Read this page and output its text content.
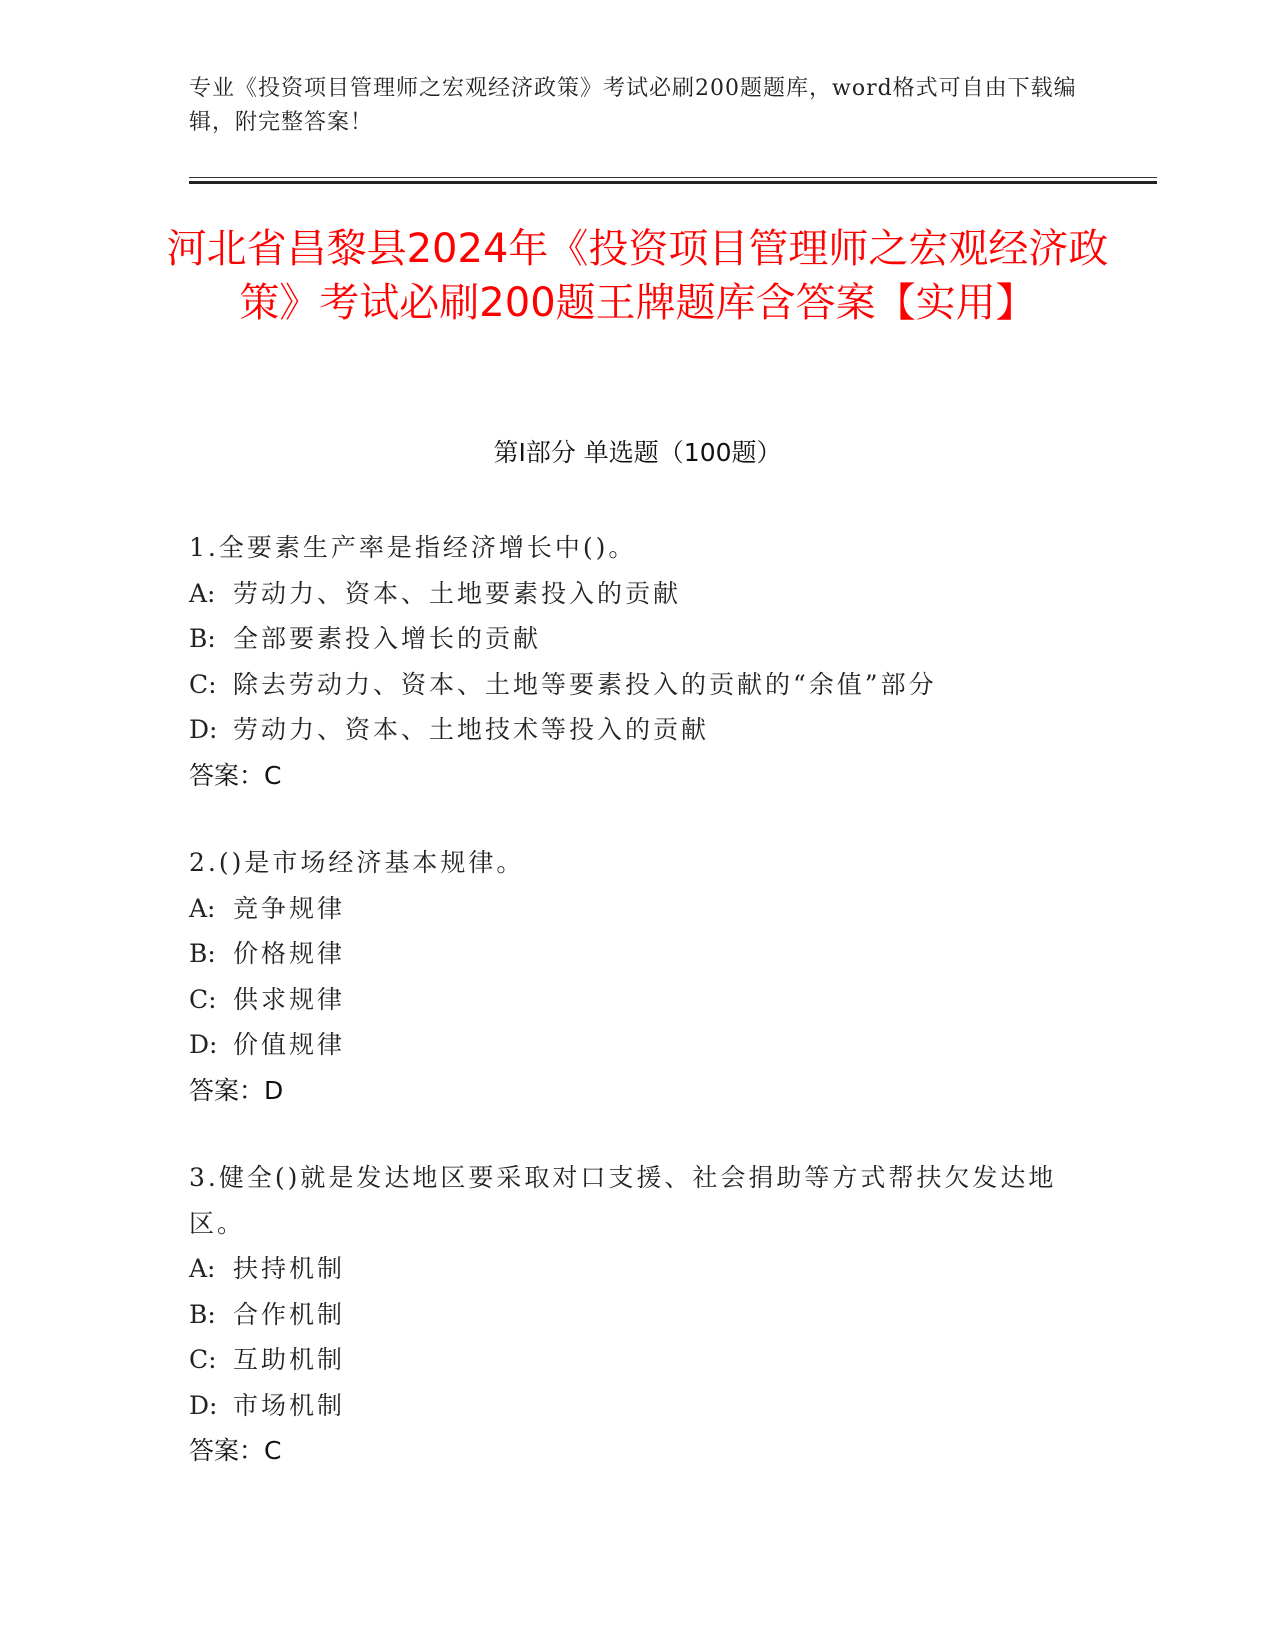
专业《投资项目管理师之宏观经济政策》考试必刷200题题库，word格式可自由下载编辑，附完整答案！
河北省昌黎县2024年《投资项目管理师之宏观经济政策》考试必刷200题王牌题库含答案【实用】
第Ⅰ部分 单选题（100题）

1.全要素生产率是指经济增长中()。

A: 劳动力、资本、土地要素投入的贡献

B: 全部要素投入增长的贡献

C: 除去劳动力、资本、土地等要素投入的贡献的“余值”部分

D: 劳动力、资本、土地技术等投入的贡献

答案：C

2.()是市场经济基本规律。

A: 竞争规律

B: 价格规律

C: 供求规律

D: 价值规律

答案：D

3.健全()就是发达地区要采取对口支援、社会捐助等方式帮扶欠发达地区。

A: 扶持机制

B: 合作机制

C: 互助机制

D: 市场机制

答案：C
